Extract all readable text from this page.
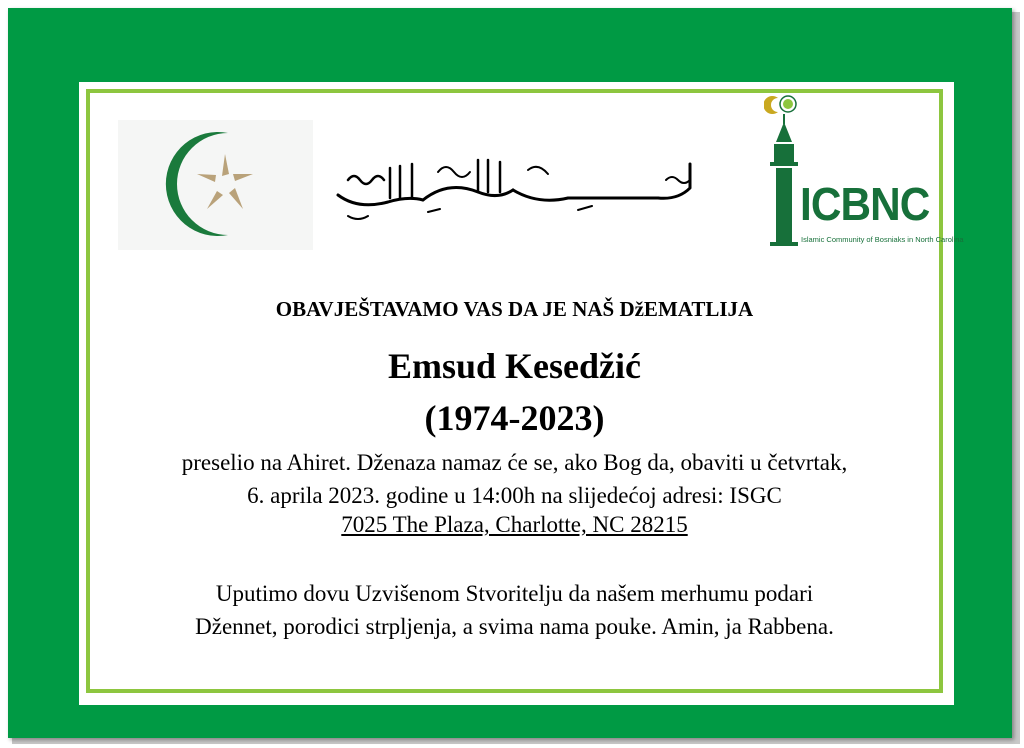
ICBNC
Islamic Community of Bosniaks in North Carolina

OBAVJEŠTAVAMO VAS DA JE NAŠ DžEMATLIJA

Emsud Kesedžić

(1974-2023)

preselio na Ahiret. Dženaza namaz će se, ako Bog da, obaviti u četvrtak,

6. aprila 2023. godine u 14:00h na slijedećoj adresi: ISGC

7025 The Plaza, Charlotte, NC 28215

Uputimo dovu Uzvišenom Stvoritelju da našem merhumu podari

Džennet, porodici strpljenja, a svima nama pouke. Amin, ja Rabbena.
